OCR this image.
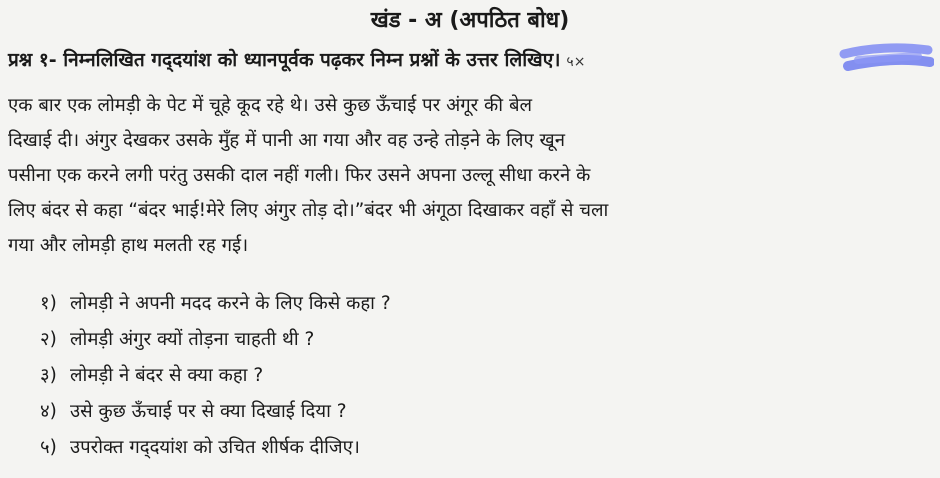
खंड - अ (अपठित बोध)
प्रश्न १- निम्नलिखित गद्‌दयांश को ध्यानपूर्वक पढ़कर निम्न प्रश्नों के उत्तर लिखिए। ५×
एक बार एक लोमड़ी के पेट में चूहे कूद रहे थे। उसे कुछ ऊँचाई पर अंगूर की बेल
दिखाई दी। अंगुर देखकर उसके मुँह में पानी आ गया और वह उन्हे तोड़ने के लिए खून
पसीना एक करने लगी परंतु उसकी दाल नहीं गली। फिर उसने अपना उल्लू सीधा करने के
लिए बंदर से कहा “बंदर भाई!मेरे लिए अंगुर तोड़ दो।”बंदर भी अंगूठा दिखाकर वहाँ से चला
गया और लोमड़ी हाथ मलती रह गई।
१) लोमड़ी ने अपनी मदद करने के लिए किसे कहा ?
२) लोमड़ी अंगुर क्यों तोड़ना चाहती थी ?
३) लोमड़ी ने बंदर से क्या कहा ?
४) उसे कुछ ऊँचाई पर से क्या दिखाई दिया ?
५) उपरोक्त गद्‌दयांश को उचित शीर्षक दीजिए।
